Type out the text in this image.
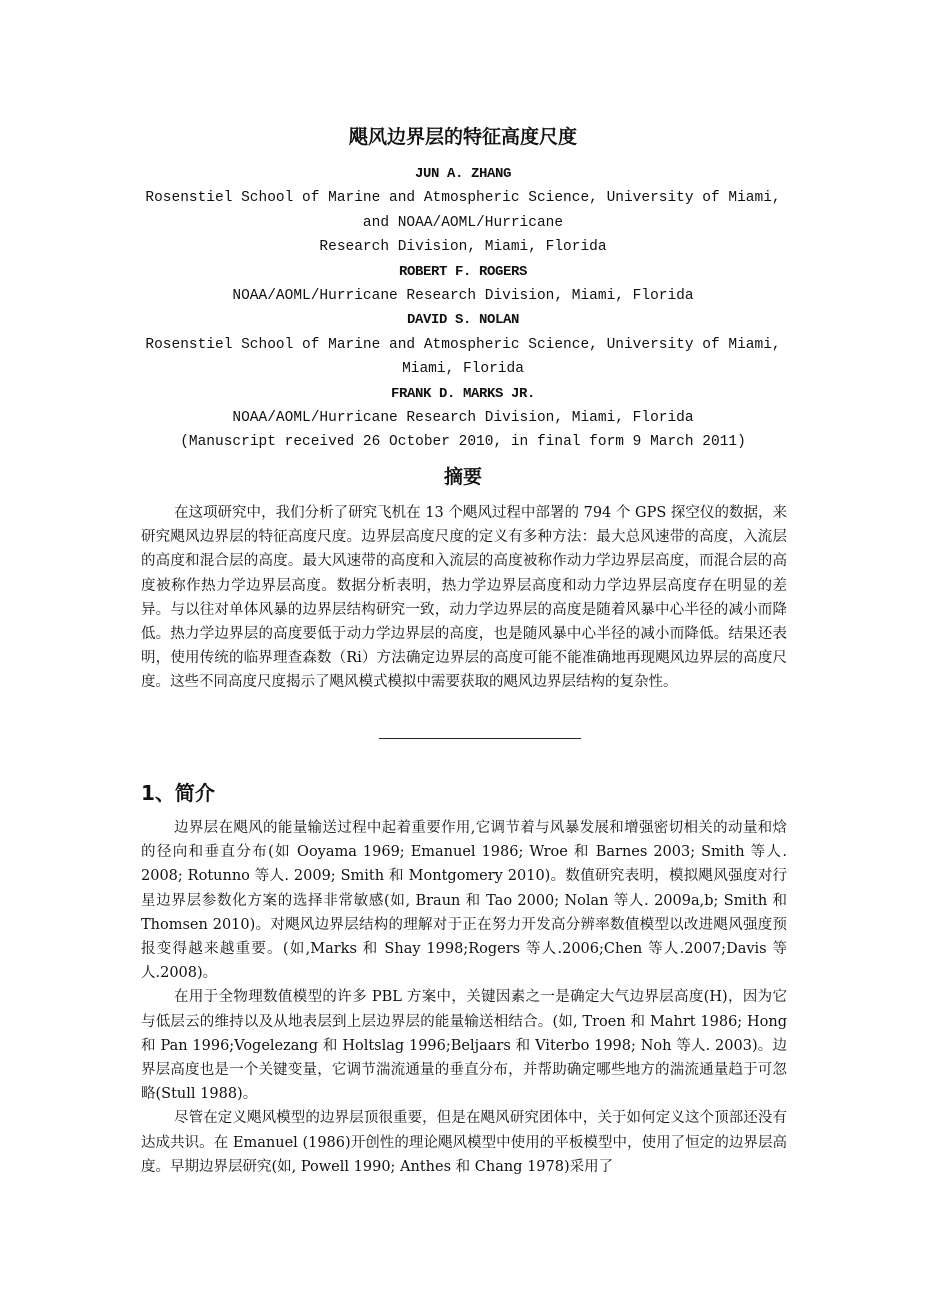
飓风边界层的特征高度尺度
JUN A. ZHANG
Rosenstiel School of Marine and Atmospheric Science, University of Miami, and NOAA/AOML/Hurricane
Research Division, Miami, Florida
ROBERT F. ROGERS
NOAA/AOML/Hurricane Research Division, Miami, Florida
DAVID S. NOLAN
Rosenstiel School of Marine and Atmospheric Science, University of Miami, Miami, Florida
FRANK D. MARKS JR.
NOAA/AOML/Hurricane Research Division, Miami, Florida
(Manuscript received 26 October 2010, in final form 9 March 2011)
摘要

在这项研究中，我们分析了研究飞机在 13 个飓风过程中部署的 794 个 GPS 探空仪的数据，来研究飓风边界层的特征高度尺度。边界层高度尺度的定义有多种方法：最大总风速带的高度，入流层的高度和混合层的高度。最大风速带的高度和入流层的高度被称作动力学边界层高度，而混合层的高度被称作热力学边界层高度。数据分析表明，热力学边界层高度和动力学边界层高度存在明显的差异。与以往对单体风暴的边界层结构研究一致，动力学边界层的高度是随着风暴中心半径的减小而降低。热力学边界层的高度要低于动力学边界层的高度，也是随风暴中心半径的减小而降低。结果还表明，使用传统的临界理查森数（Ri）方法确定边界层的高度可能不能准确地再现飓风边界层的高度尺度。这些不同高度尺度揭示了飓风模式模拟中需要获取的飓风边界层结构的复杂性。

1、简介

边界层在飓风的能量输送过程中起着重要作用,它调节着与风暴发展和增强密切相关的动量和焓的径向和垂直分布(如 Ooyama 1969; Emanuel 1986; Wroe 和 Barnes 2003; Smith 等人. 2008; Rotunno 等人. 2009; Smith 和 Montgomery 2010)。数值研究表明，模拟飓风强度对行星边界层参数化方案的选择非常敏感(如, Braun 和 Tao 2000; Nolan 等人. 2009a,b; Smith 和 Thomsen 2010)。对飓风边界层结构的理解对于正在努力开发高分辨率数值模型以改进飓风强度预报变得越来越重要。(如,Marks 和 Shay 1998;Rogers 等人.2006;Chen 等人.2007;Davis 等人.2008)。

在用于全物理数值模型的许多 PBL 方案中，关键因素之一是确定大气边界层高度(H)，因为它与低层云的维持以及从地表层到上层边界层的能量输送相结合。(如, Troen 和 Mahrt 1986; Hong 和 Pan 1996;Vogelezang 和 Holtslag 1996;Beljaars 和 Viterbo 1998; Noh 等人. 2003)。边界层高度也是一个关键变量，它调节湍流通量的垂直分布，并帮助确定哪些地方的湍流通量趋于可忽略(Stull 1988)。

尽管在定义飓风模型的边界层顶很重要，但是在飓风研究团体中，关于如何定义这个顶部还没有达成共识。在 Emanuel (1986)开创性的理论飓风模型中使用的平板模型中，使用了恒定的边界层高度。早期边界层研究(如, Powell 1990; Anthes 和 Chang 1978)采用了
